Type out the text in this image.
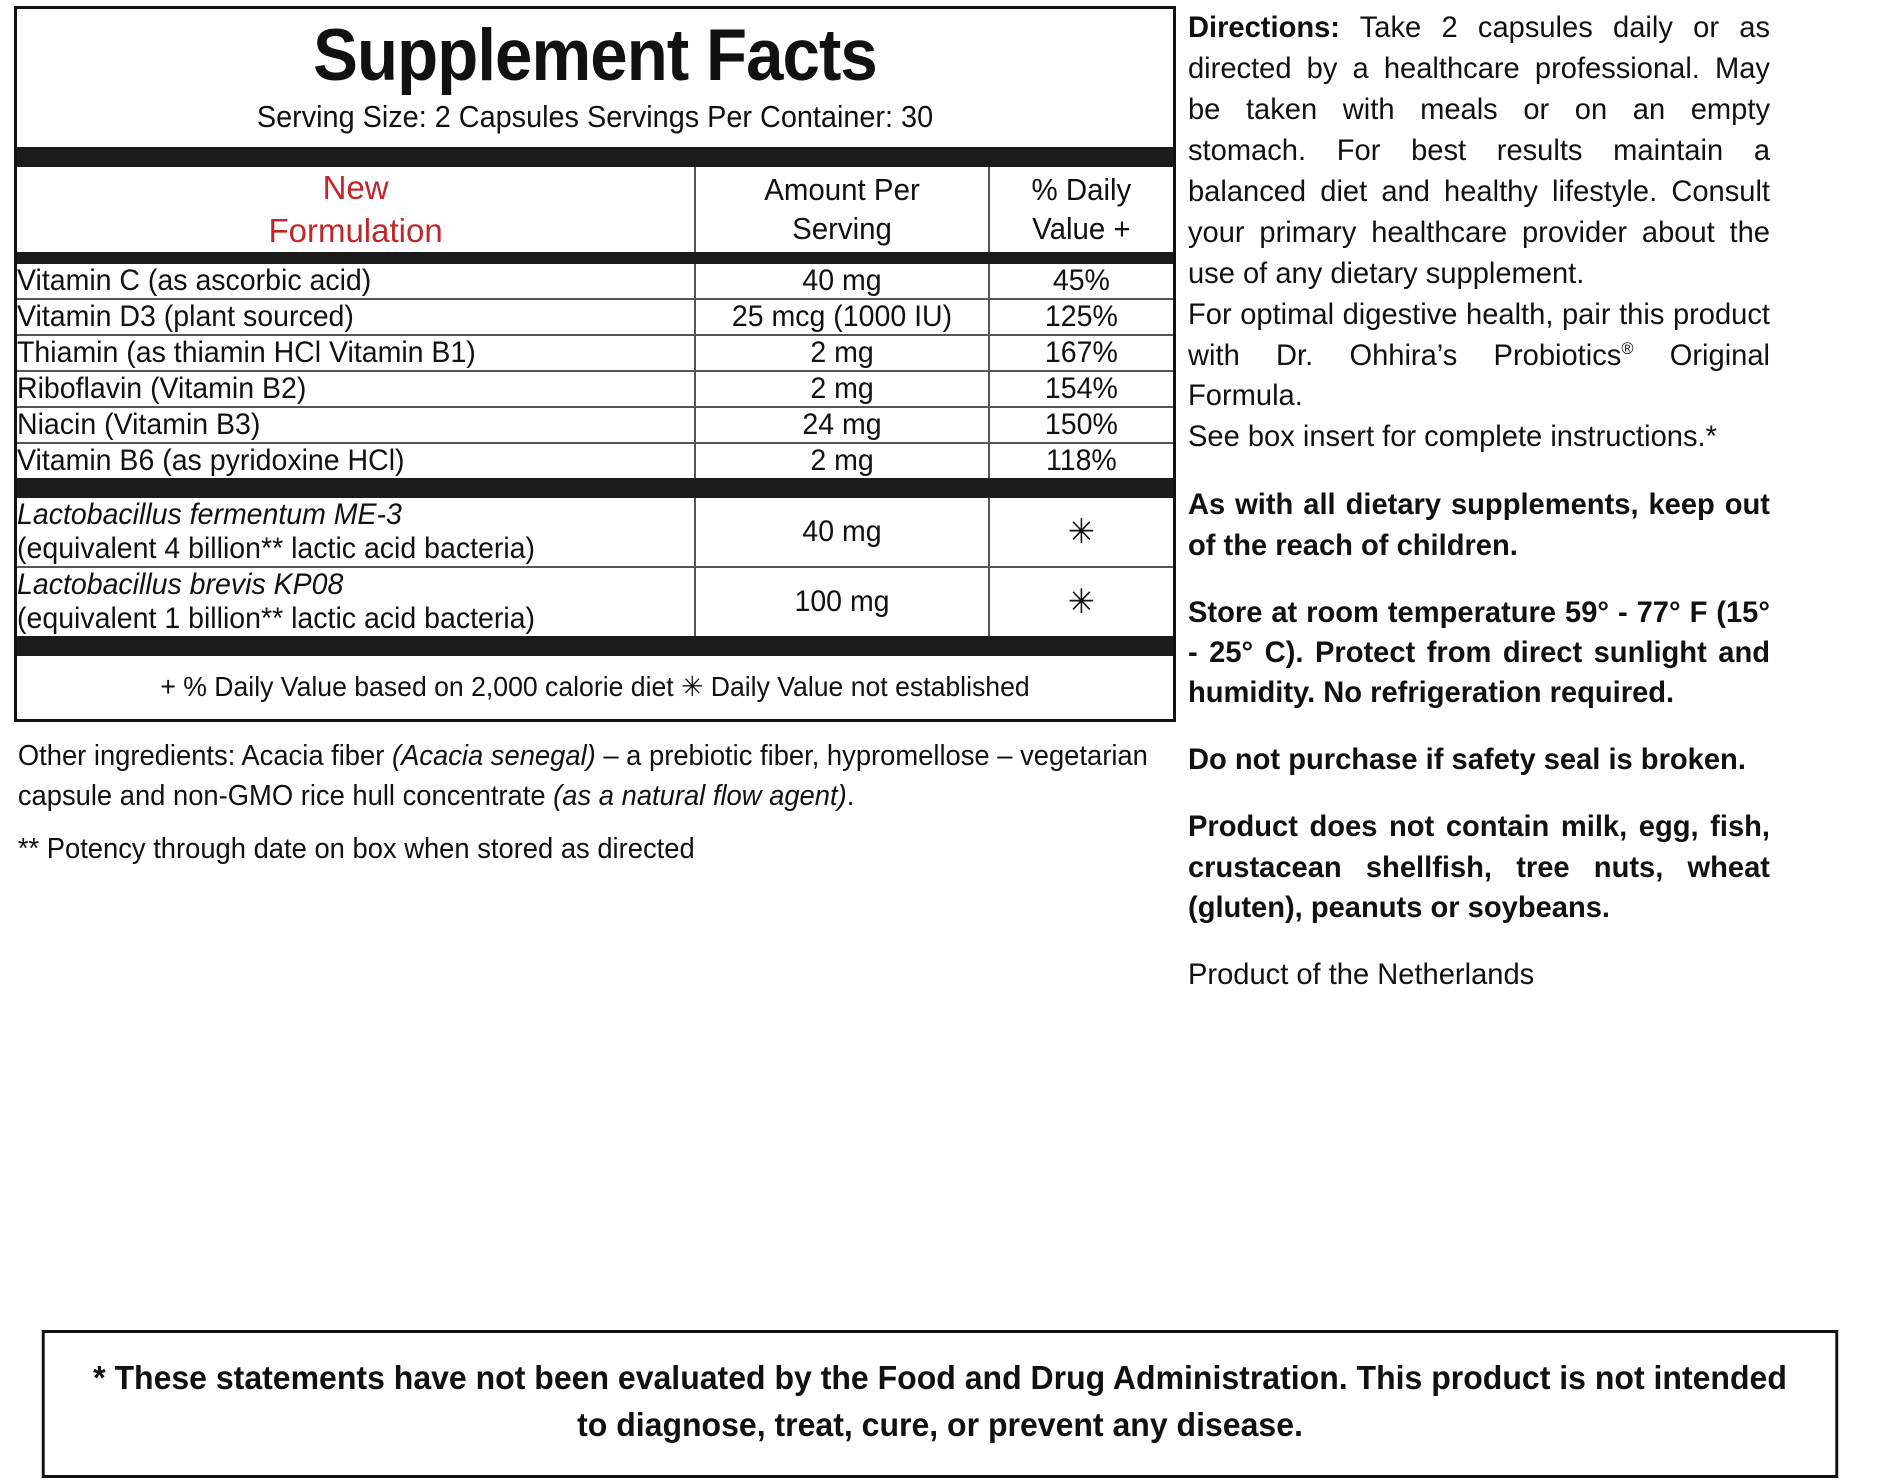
Supplement Facts
Serving Size: 2 Capsules Servings Per Container: 30
New
Formulation

Amount Per
Serving

% Daily
Value +
Vitamin C (as ascorbic acid)	40 mg	45%
Vitamin D3 (plant sourced)	25 mcg (1000 IU)	125%
Thiamin (as thiamin HCl Vitamin B1)	2 mg	167%
Riboflavin (Vitamin B2)	2 mg	154%
Niacin (Vitamin B3)	24 mg	150%
Vitamin B6 (as pyridoxine HCl)	2 mg	118%
Lactobacillus fermentum ME-3
(equivalent 4 billion** lactic acid bacteria)	40 mg	✳

Lactobacillus brevis KP08
(equivalent 1 billion** lactic acid bacteria)	100 mg	✳
+ % Daily Value based on 2,000 calorie diet ✳ Daily Value not established
Other ingredients: Acacia fiber (Acacia senegal) – a prebiotic fiber, hypromellose – vegetarian capsule and non-GMO rice hull concentrate (as a natural flow agent).
** Potency through date on box when stored as directed
Directions: Take 2 capsules daily or as directed by a healthcare professional. May be taken with meals or on an empty stomach. For best results maintain a balanced diet and healthy lifestyle. Consult your primary healthcare provider about the use of any dietary supplement.
For optimal digestive health, pair this product with Dr. Ohhira’s Probiotics® Original Formula.
See box insert for complete instructions.*
As with all dietary supplements, keep out of the reach of children.
Store at room temperature 59° - 77° F (15° - 25° C). Protect from direct sunlight and humidity. No refrigeration required.
Do not purchase if safety seal is broken.
Product does not contain milk, egg, fish, crustacean shellfish, tree nuts, wheat (gluten), peanuts or soybeans.
Product of the Netherlands
* These statements have not been evaluated by the Food and Drug Administration. This product is not intended to diagnose, treat, cure, or prevent any disease.
